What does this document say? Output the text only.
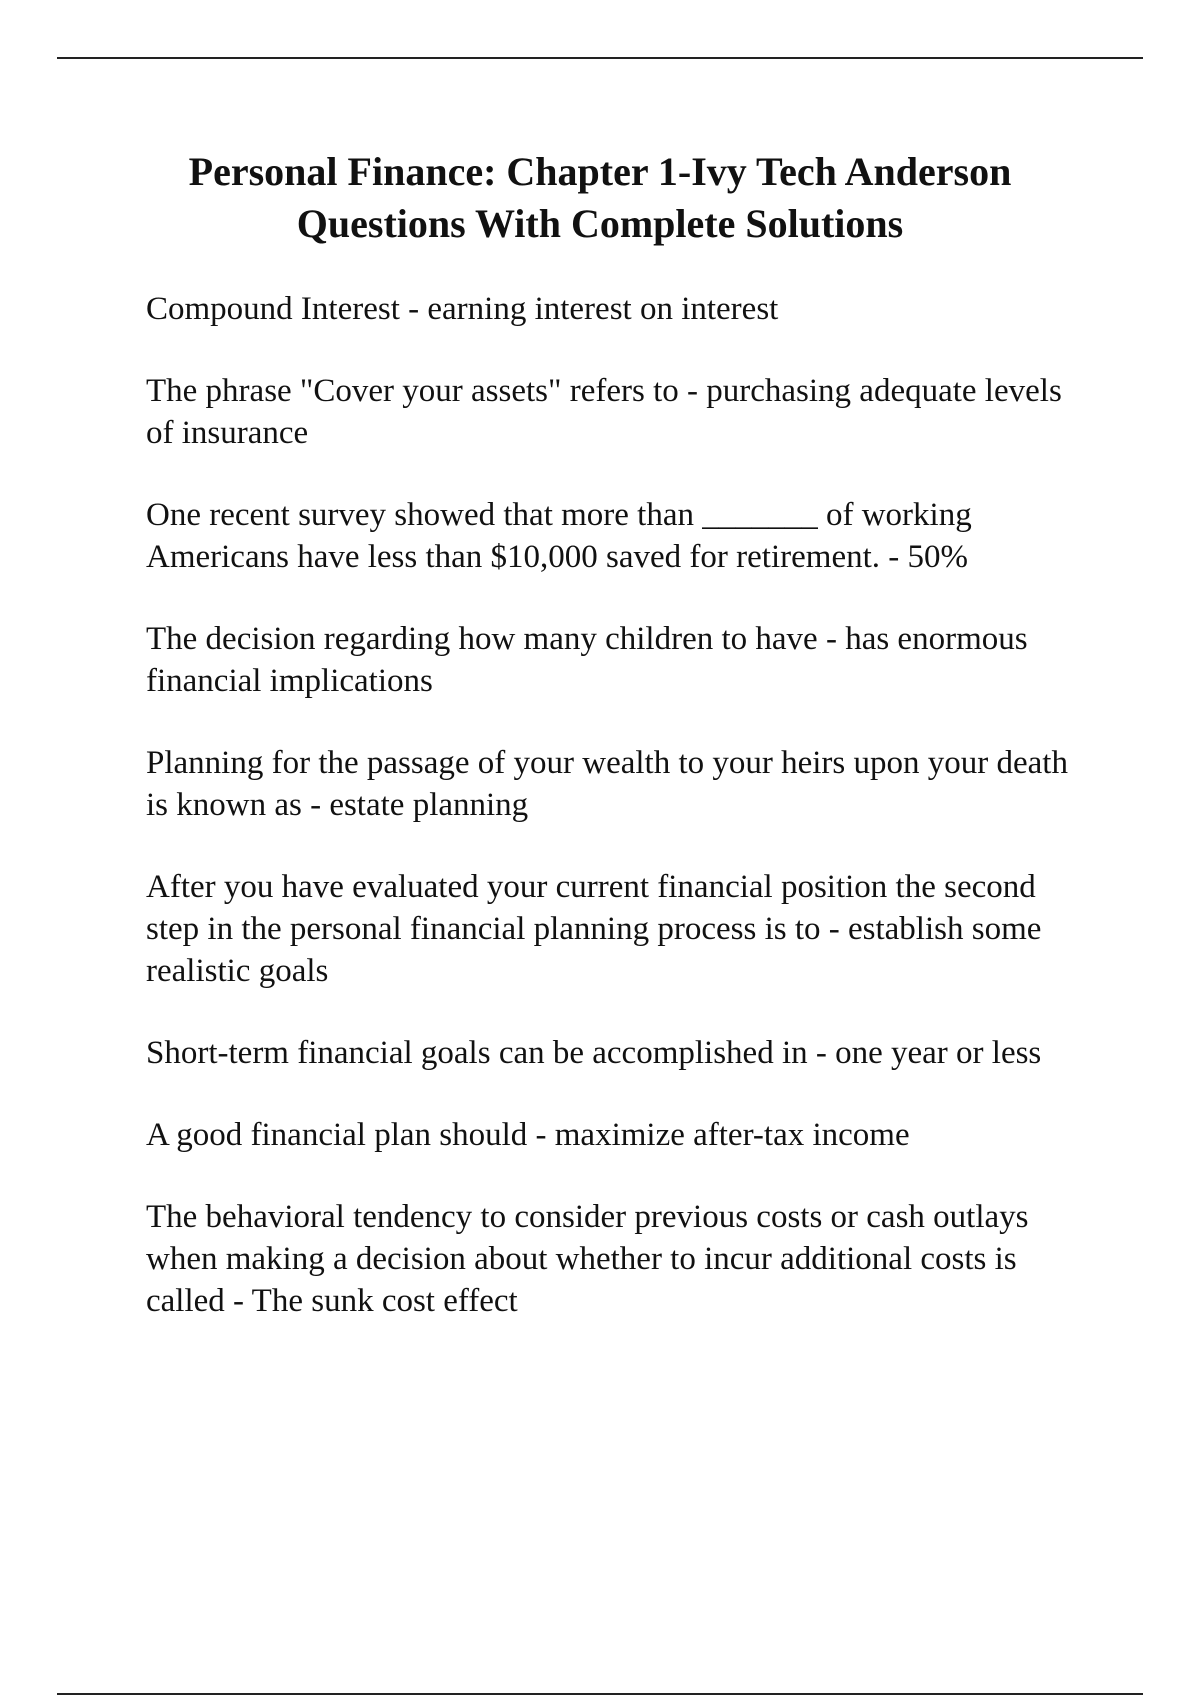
Personal Finance: Chapter 1-Ivy Tech Anderson Questions With Complete Solutions
Compound Interest - earning interest on interest
The phrase "Cover your assets" refers to - purchasing adequate levels of insurance
One recent survey showed that more than _______ of working Americans have less than $10,000 saved for retirement. - 50%
The decision regarding how many children to have - has enormous financial implications
Planning for the passage of your wealth to your heirs upon your death is known as - estate planning
After you have evaluated your current financial position the second step in the personal financial planning process is to - establish some realistic goals
Short-term financial goals can be accomplished in - one year or less
A good financial plan should - maximize after-tax income
The behavioral tendency to consider previous costs or cash outlays when making a decision about whether to incur additional costs is called - The sunk cost effect
